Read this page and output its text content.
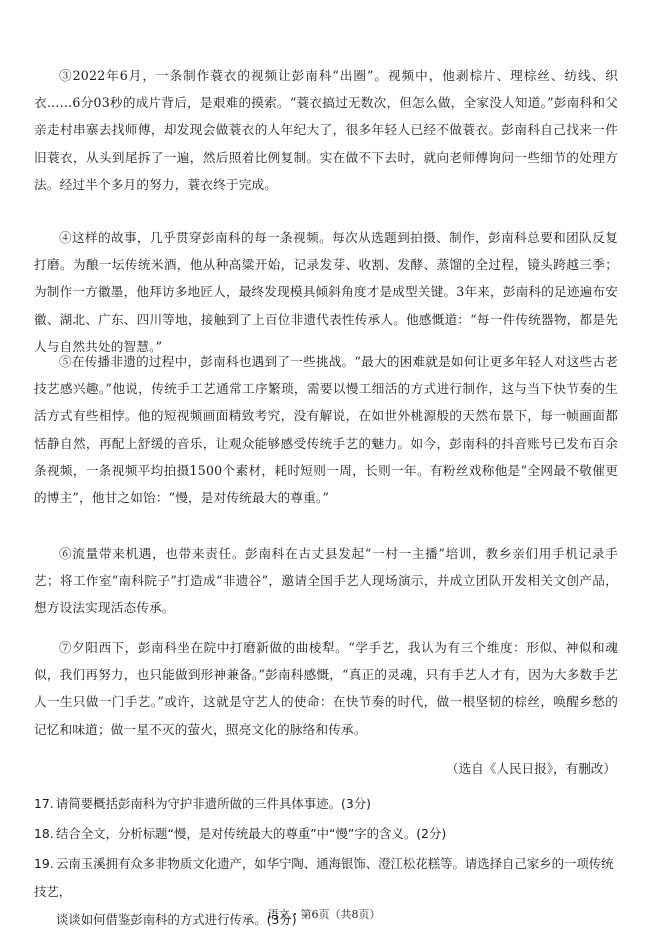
③2022年6月，一条制作蓑衣的视频让彭南科“出圈”。视频中，他剥棕片、理棕丝、纺线、织衣……6分03秒的成片背后，是艰难的摸索。“蓑衣搞过无数次，但怎么做，全家没人知道。”彭南科和父亲走村串寨去找师傅，却发现会做蓑衣的人年纪大了，很多年轻人已经不做蓑衣。彭南科自己找来一件旧蓑衣，从头到尾拆了一遍，然后照着比例复制。实在做不下去时，就向老师傅询问一些细节的处理方法。经过半个多月的努力，蓑衣终于完成。

④这样的故事，几乎贯穿彭南科的每一条视频。每次从选题到拍摄、制作，彭南科总要和团队反复打磨。为酿一坛传统米酒，他从种高粱开始，记录发芽、收割、发酵、蒸馏的全过程，镜头跨越三季；为制作一方徽墨，他拜访多地匠人，最终发现模具倾斜角度才是成型关键。3年来，彭南科的足迹遍布安徽、湖北、广东、四川等地，接触到了上百位非遗代表性传承人。他感慨道：“每一件传统器物，都是先人与自然共处的智慧。”

⑤在传播非遗的过程中，彭南科也遇到了一些挑战。“最大的困难就是如何让更多年轻人对这些古老技艺感兴趣。”他说，传统手工艺通常工序繁琐，需要以慢工细活的方式进行制作，这与当下快节奏的生活方式有些相悖。他的短视频画面精致考究，没有解说，在如世外桃源般的天然布景下，每一帧画面都恬静自然，再配上舒缓的音乐，让观众能够感受传统手艺的魅力。如今，彭南科的抖音账号已发布百余条视频，一条视频平均拍摄1500个素材，耗时短则一周，长则一年。有粉丝戏称他是“全网最不敬催更的博主”，他甘之如饴：“慢，是对传统最大的尊重。”

⑥流量带来机遇，也带来责任。彭南科在古丈县发起“一村一主播”培训，教乡亲们用手机记录手艺；将工作室“南科院子”打造成“非遗谷”，邀请全国手艺人现场演示，并成立团队开发相关文创产品，想方设法实现活态传承。

⑦夕阳西下，彭南科坐在院中打磨新做的曲棱犁。“学手艺，我认为有三个维度：形似、神似和魂似，我们再努力，也只能做到形神兼备。”彭南科感慨，“真正的灵魂，只有手艺人才有，因为大多数手艺人一生只做一门手艺。”或许，这就是守艺人的使命：在快节奏的时代，做一根坚韧的棕丝，唤醒乡愁的记忆和味道；做一星不灭的萤火，照亮文化的脉络和传承。

（选自《人民日报》，有删改）

17. 请简要概括彭南科为守护非遗所做的三件具体事迹。(3分)

18. 结合全文，分析标题“慢，是对传统最大的尊重”中“慢”字的含义。(2分)

19. 云南玉溪拥有众多非物质文化遗产，如华宁陶、通海银饰、澄江松花糕等。请选择自己家乡的一项传统技艺，
谈谈如何借鉴彭南科的方式进行传承。(3分)

语文・第6页（共8页）
